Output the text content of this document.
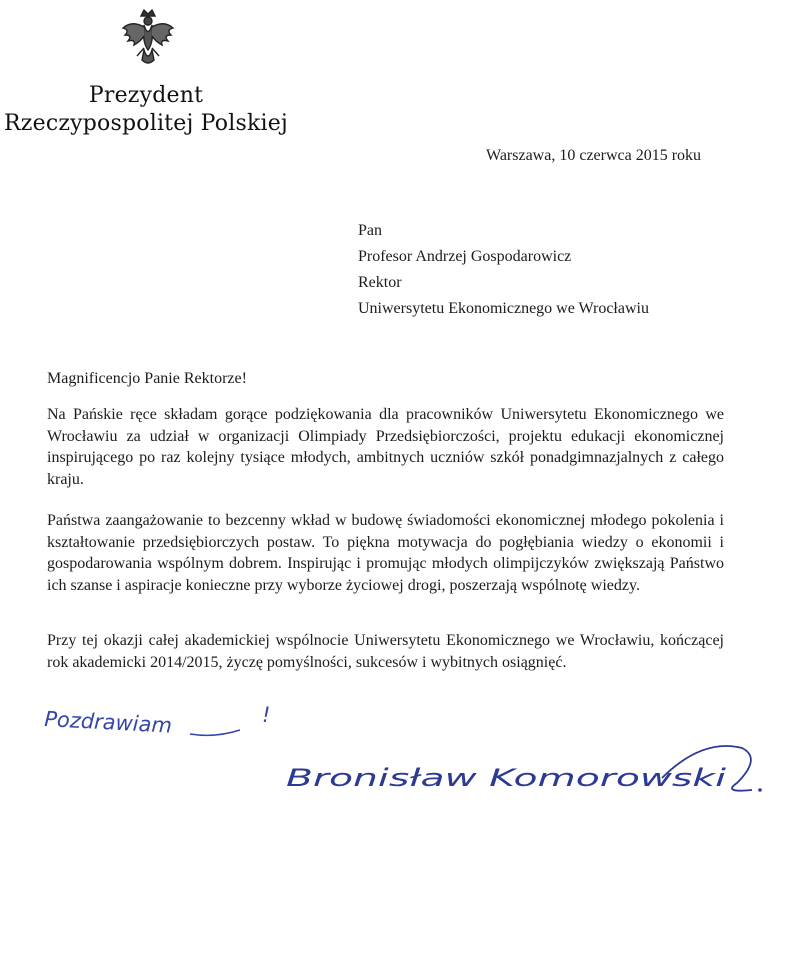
Prezydent
Rzeczypospolitej Polskiej
Warszawa, 10 czerwca 2015 roku
Pan
Profesor Andrzej Gospodarowicz
Rektor
Uniwersytetu Ekonomicznego we Wrocławiu
Magnificencjo Panie Rektorze!

Na Pańskie ręce składam gorące podziękowania dla pracowników Uniwersytetu Ekonomicznego we Wrocławiu za udział w organizacji Olimpiady Przedsiębiorczości, projektu edukacji ekonomicznej inspirującego po raz kolejny tysiące młodych, ambitnych uczniów szkół ponadgimnazjalnych z całego kraju.

Państwa zaangażowanie to bezcenny wkład w budowę świadomości ekonomicznej młodego pokolenia i kształtowanie przedsiębiorczych postaw. To piękna motywacja do pogłębiania wiedzy o ekonomii i gospodarowania wspólnym dobrem. Inspirując i promując młodych olimpijczyków zwiększają Państwo ich szanse i aspiracje konieczne przy wyborze życiowej drogi, poszerzają wspólnotę wiedzy.

Przy tej okazji całej akademickiej wspólnocie Uniwersytetu Ekonomicznego we Wrocławiu, kończącej rok akademicki 2014/2015, życzę pomyślności, sukcesów i wybitnych osiągnięć.

Pozdrawiam	!
Bronisław Komorowski
